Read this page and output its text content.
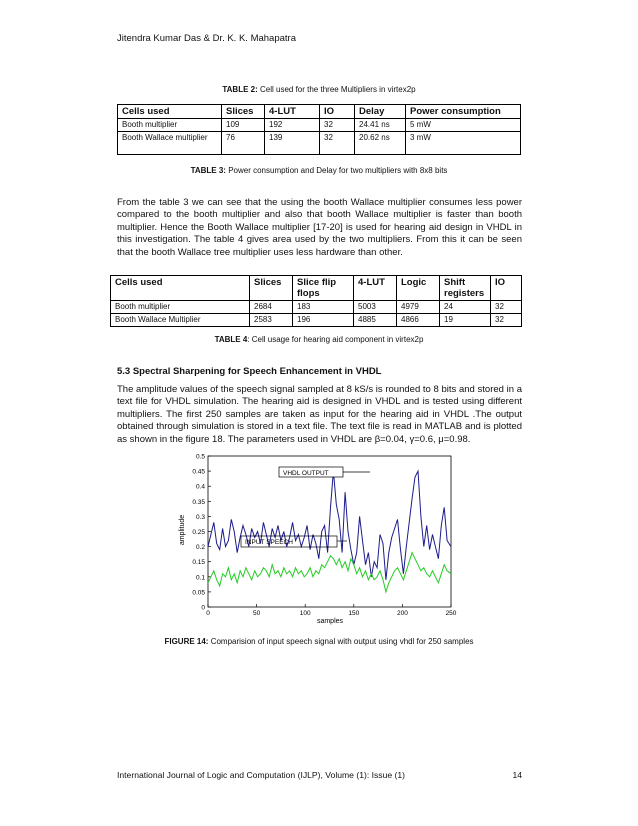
Jitendra Kumar Das & Dr. K. K. Mahapatra
TABLE 2: Cell used for the three Multipliers in virtex2p
Cells used	Slices	4-LUT	IO	Delay	Power consumption
Booth multiplier	109	192	32	24.41 ns	5 mW
Booth Wallace multiplier	76	139	32	20.62 ns	3 mW
TABLE 3: Power consumption and Delay for two multipliers with 8x8 bits
From the table 3 we can see that the using the booth Wallace multiplier consumes less power compared to the booth multiplier and also that booth Wallace multiplier is faster than booth multiplier. Hence the Booth Wallace multiplier [17-20] is used for hearing aid design in VHDL in this investigation. The table 4 gives area used by the two multipliers. From this it can be seen that the booth Wallace tree multiplier uses less hardware than other.
Cells used	Slices	Slice flip flops	4-LUT	Logic	Shift registers	IO
Booth multiplier	2684	183	5003	4979	24	32
Booth Wallace Multiplier	2583	196	4885	4866	19	32
TABLE 4: Cell usage for hearing aid component in virtex2p
5.3 Spectral Sharpening for Speech Enhancement in VHDL
The amplitude values of the speech signal sampled at 8 kS/s is rounded to 8 bits and stored in a text file for VHDL simulation. The hearing aid is designed in VHDL and is tested using different multipliers. The first 250 samples are taken as input for the hearing aid in VHDL .The output obtained through simulation is stored in a text file. The text file is read in MATLAB and is plotted as shown in the figure 18. The parameters used in VHDL are β=0.04, γ=0.6, μ=0.98.
0
0.05
0.1
0.15
0.2
0.25
0.3
0.35
0.4
0.45
0.5
0	50	100	150	200	250
VHDL OUTPUT
INPUT SPEECH
samples
amplitude
FIGURE 14: Comparision of input speech signal with output using vhdl for 250 samples
International Journal of Logic and Computation (IJLP), Volume (1): Issue (1)	14
